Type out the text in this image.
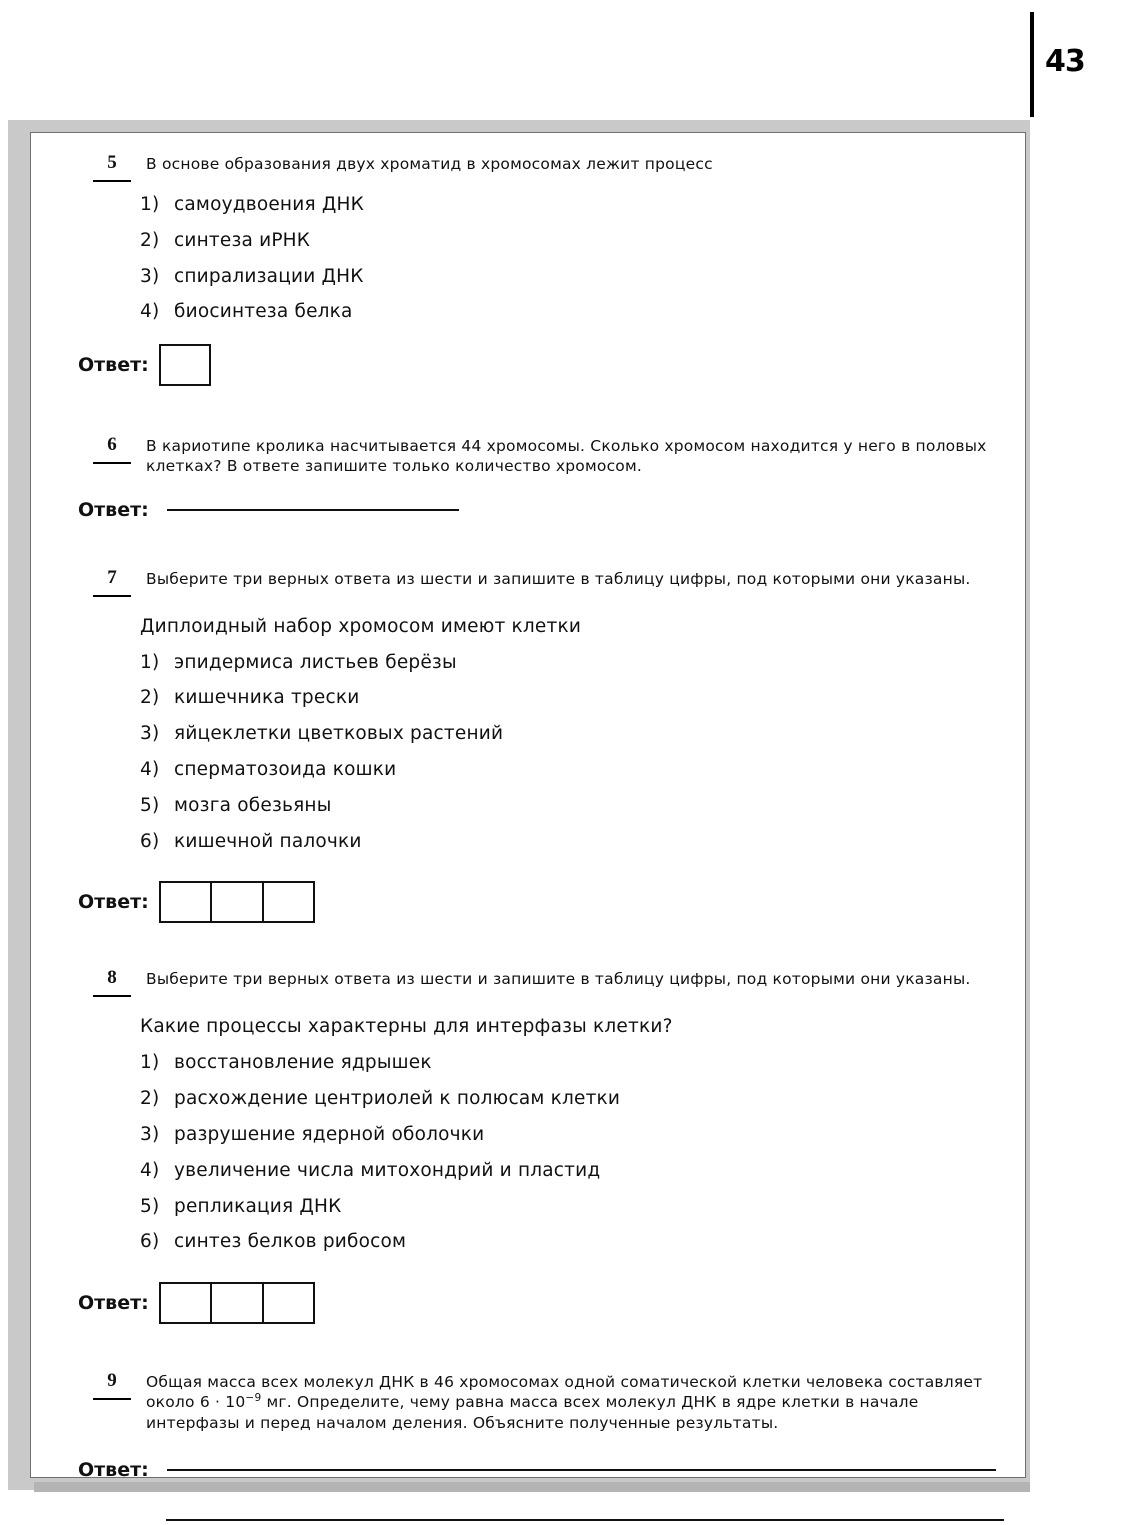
43
5	В основе образования двух хроматид в хромосомах лежит процесс
1) самоудвоения ДНК
2) синтеза иРНК
3) спирализации ДНК
4) биосинтеза белка
Ответ:
6	В кариотипе кролика насчитывается 44 хромосомы. Сколько хромосом находится у него в половых клетках? В ответе запишите только количество хромосом.
Ответ:
7	Выберите три верных ответа из шести и запишите в таблицу цифры, под которыми они указаны.
Диплоидный набор хромосом имеют клетки
1) эпидермиса листьев берёзы
2) кишечника трески
3) яйцеклетки цветковых растений
4) сперматозоида кошки
5) мозга обезьяны
6) кишечной палочки
Ответ:
8	Выберите три верных ответа из шести и запишите в таблицу цифры, под которыми они указаны.
Какие процессы характерны для интерфазы клетки?
1) восстановление ядрышек
2) расхождение центриолей к полюсам клетки
3) разрушение ядерной оболочки
4) увеличение числа митохондрий и пластид
5) репликация ДНК
6) синтез белков рибосом
Ответ:
9	Общая масса всех молекул ДНК в 46 хромосомах одной соматической клетки человека составляет около $6 \cdot 10^{-9}$ мг. Определите, чему равна масса всех молекул ДНК в ядре клетки в начале интерфазы и перед началом деления. Объясните полученные результаты.
Ответ:
